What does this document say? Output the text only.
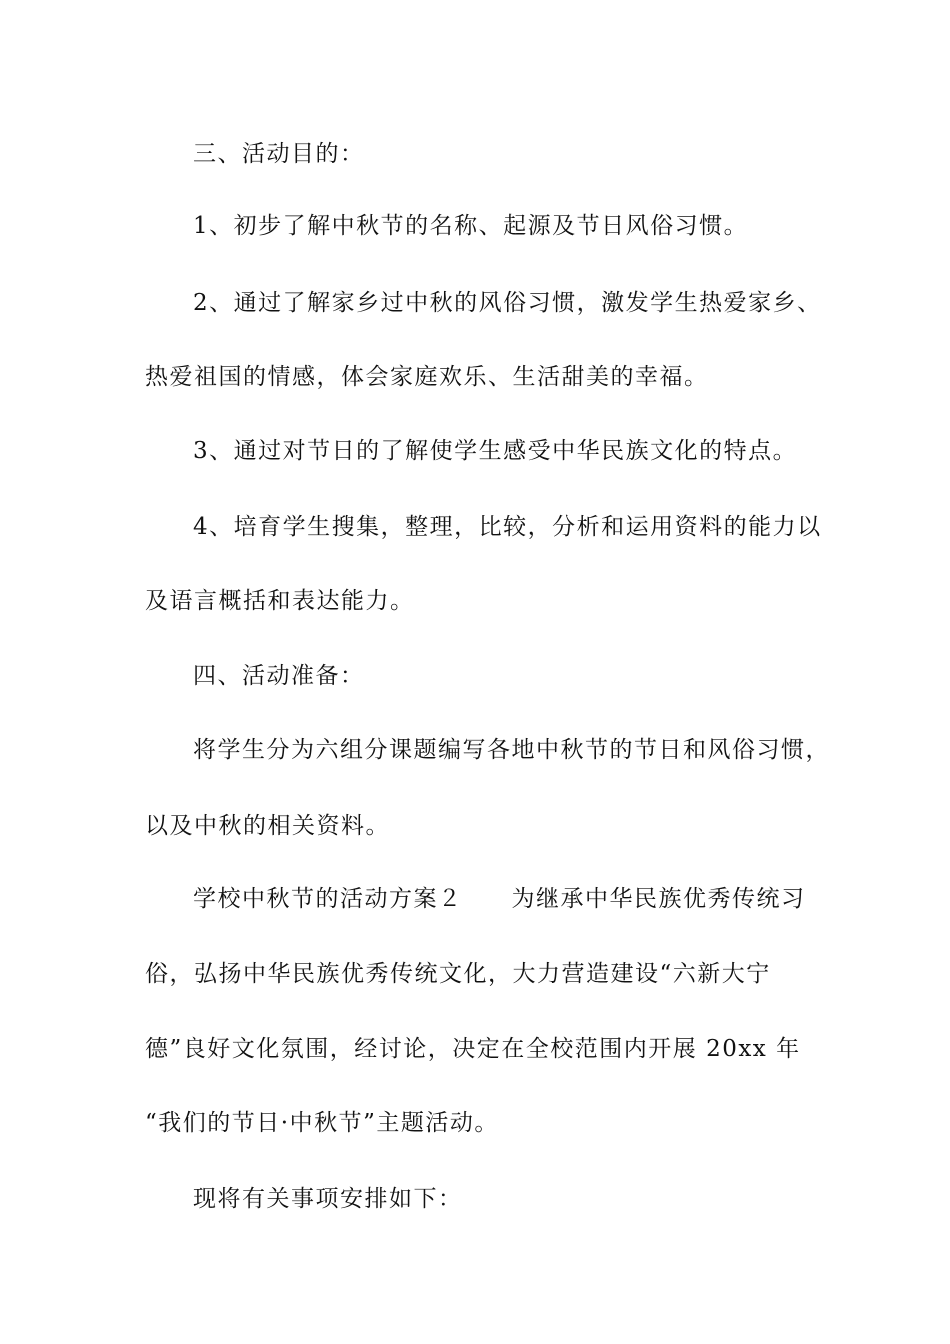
三、活动目的：
1、初步了解中秋节的名称、起源及节日风俗习惯。
2、通过了解家乡过中秋的风俗习惯，激发学生热爱家乡、
热爱祖国的情感，体会家庭欢乐、生活甜美的幸福。
3、通过对节日的了解使学生感受中华民族文化的特点。
4、培育学生搜集，整理，比较，分析和运用资料的能力以
及语言概括和表达能力。
四、活动准备：
将学生分为六组分课题编写各地中秋节的节日和风俗习惯，
以及中秋的相关资料。
学校中秋节的活动方案２　　为继承中华民族优秀传统习
俗，弘扬中华民族优秀传统文化，大力营造建设“六新大宁
德”良好文化氛围，经讨论，决定在全校范围内开展 20xx 年
“我们的节日·中秋节”主题活动。
现将有关事项安排如下：
